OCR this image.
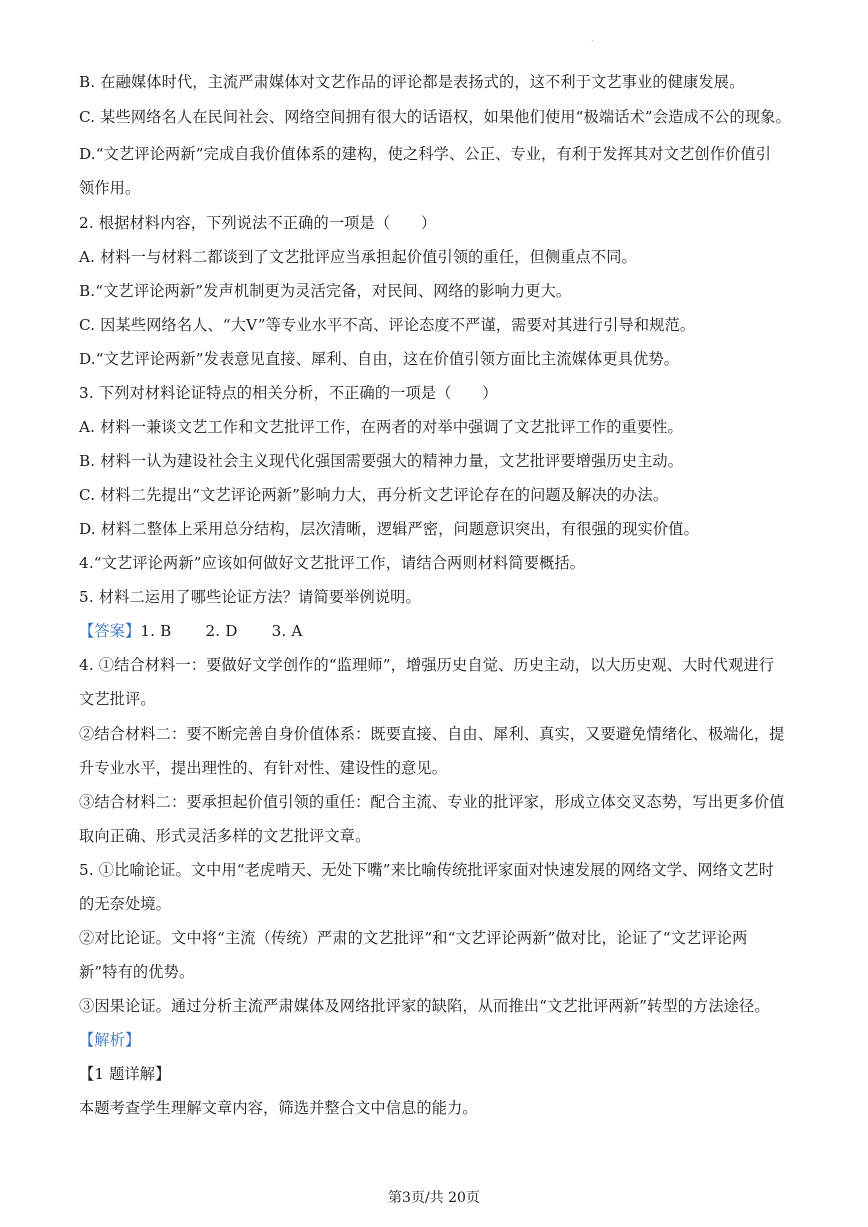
.
B. 在融媒体时代，主流严肃媒体对文艺作品的评论都是表扬式的，这不利于文艺事业的健康发展。
C. 某些网络名人在民间社会、网络空间拥有很大的话语权，如果他们使用“极端话术”会造成不公的现象。
D.“文艺评论两新”完成自我价值体系的建构，使之科学、公正、专业，有利于发挥其对文艺创作价值引
领作用。
2. 根据材料内容，下列说法不正确的一项是（　　）
A. 材料一与材料二都谈到了文艺批评应当承担起价值引领的重任，但侧重点不同。
B.“文艺评论两新”发声机制更为灵活完备，对民间、网络的影响力更大。
C. 因某些网络名人、“大V”等专业水平不高、评论态度不严谨，需要对其进行引导和规范。
D.“文艺评论两新”发表意见直接、犀利、自由，这在价值引领方面比主流媒体更具优势。
3. 下列对材料论证特点的相关分析，不正确的一项是（　　）
A. 材料一兼谈文艺工作和文艺批评工作，在两者的对举中强调了文艺批评工作的重要性。
B. 材料一认为建设社会主义现代化强国需要强大的精神力量，文艺批评要增强历史主动。
C. 材料二先提出“文艺评论两新”影响力大，再分析文艺评论存在的问题及解决的办法。
D. 材料二整体上采用总分结构，层次清晰，逻辑严密，问题意识突出，有很强的现实价值。
4.“文艺评论两新”应该如何做好文艺批评工作，请结合两则材料简要概括。
5. 材料二运用了哪些论证方法？请简要举例说明。
【答案】1. B 2. D 3. A
4. ①结合材料一：要做好文学创作的“监理师”，增强历史自觉、历史主动，以大历史观、大时代观进行
文艺批评。
②结合材料二：要不断完善自身价值体系：既要直接、自由、犀利、真实，又要避免情绪化、极端化，提
升专业水平，提出理性的、有针对性、建设性的意见。
③结合材料二：要承担起价值引领的重任：配合主流、专业的批评家，形成立体交叉态势，写出更多价值
取向正确、形式灵活多样的文艺批评文章。
5. ①比喻论证。文中用“老虎啃天、无处下嘴”来比喻传统批评家面对快速发展的网络文学、网络文艺时
的无奈处境。
②对比论证。文中将“主流（传统）严肃的文艺批评”和“文艺评论两新”做对比，论证了“文艺评论两
新”特有的优势。
③因果论证。通过分析主流严肃媒体及网络批评家的缺陷，从而推出“文艺批评两新”转型的方法途径。
【解析】
【1 题详解】
本题考查学生理解文章内容，筛选并整合文中信息的能力。
第3页/共 20页
